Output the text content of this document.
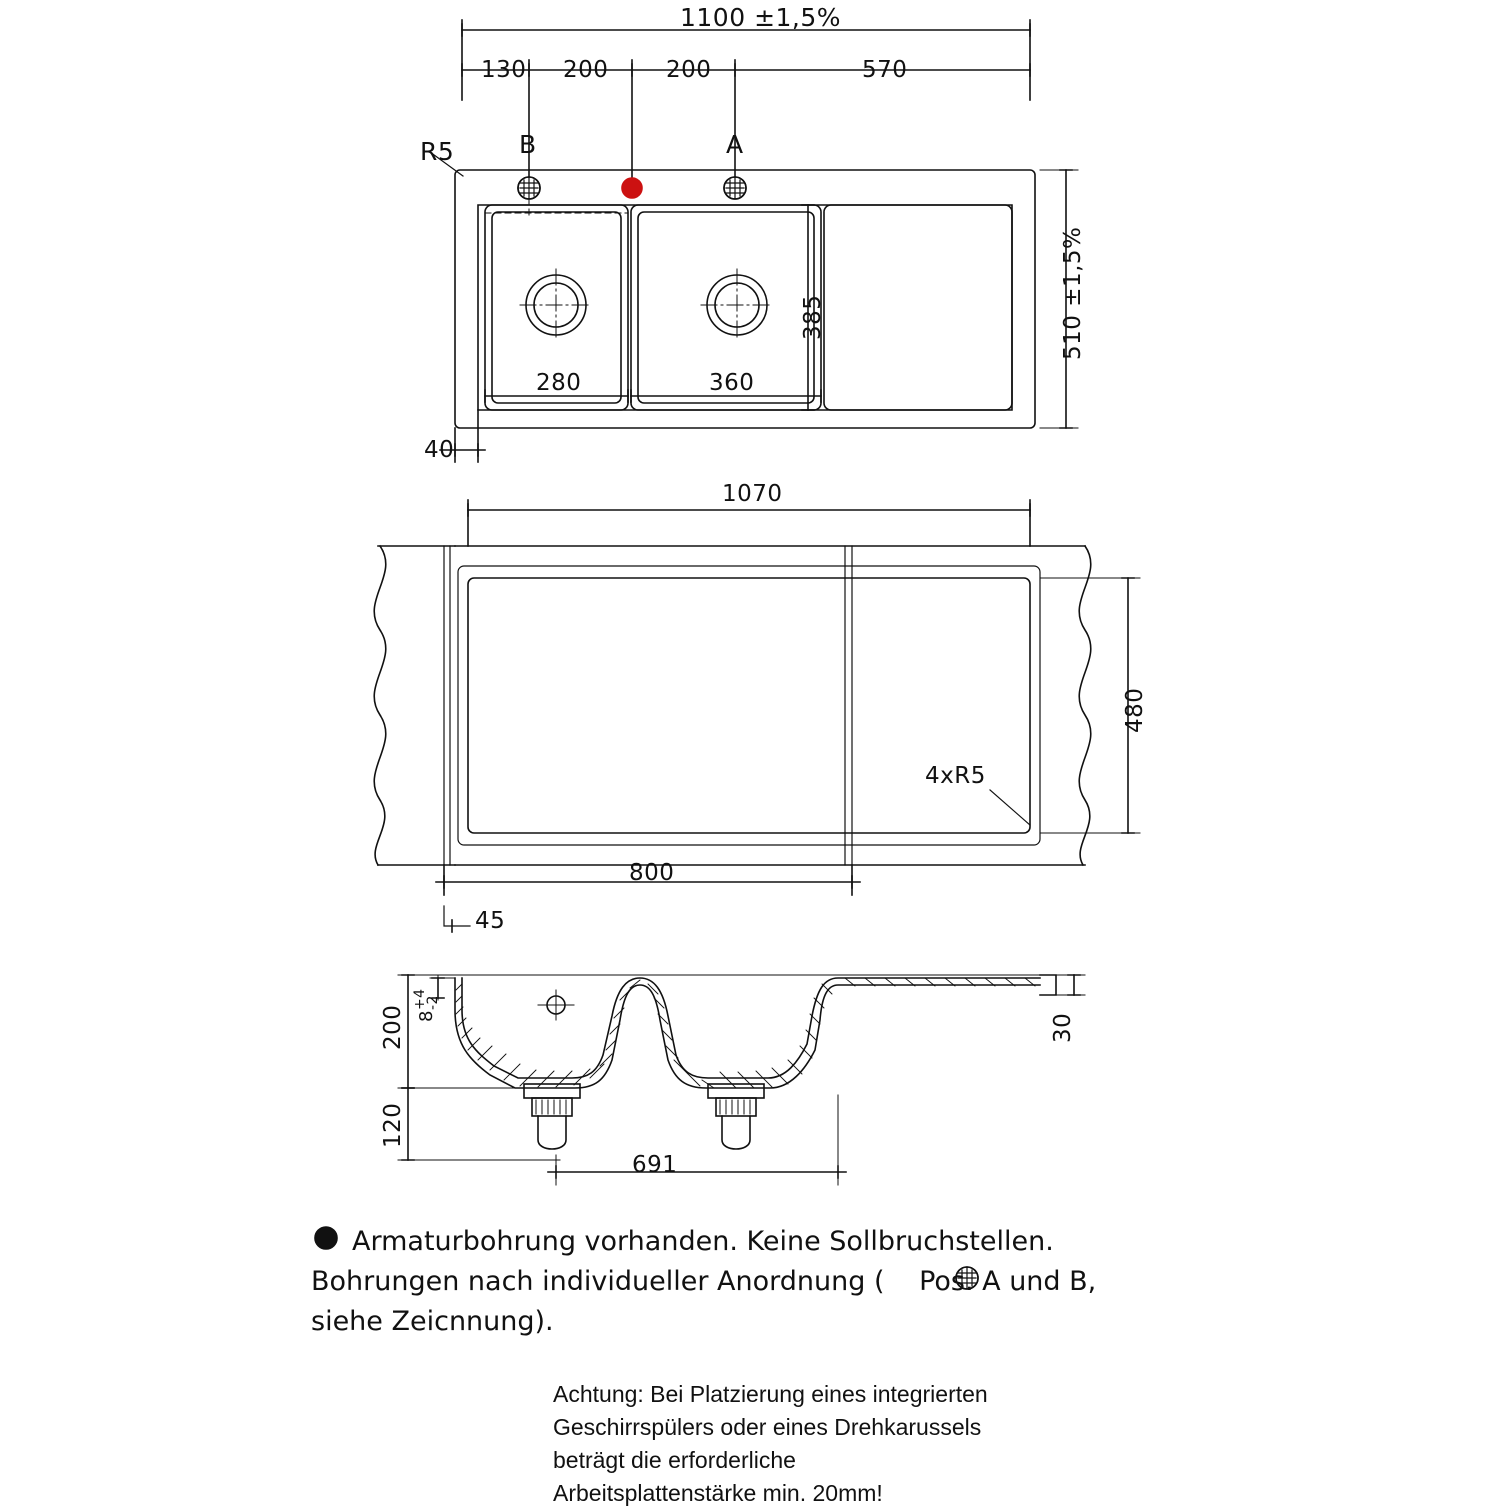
1100 ±1,5%
130 200	200	570
R5	B	A
510 ±1,5%
385
280	360
40
1070
480
4xR5
800
45
200 8+4
-2
120
30
691
Armaturbohrung vorhanden. Keine Sollbruchstellen.
Bohrungen nach individueller Anordnung ( Pos. A und B,
siehe Zeicnnung).
Achtung: Bei Platzierung eines integrierten
Geschirrspülers oder eines Drehkarussels
beträgt die erforderliche
Arbeitsplattenstärke min. 20mm!
